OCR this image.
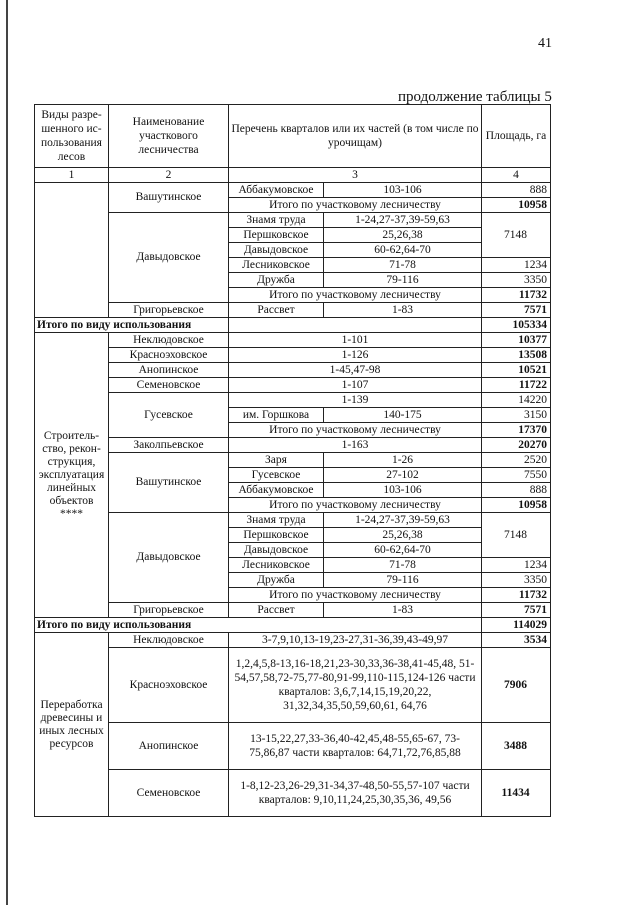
41
продолжение таблицы 5
Виды разре-шенного ис-пользования лесов	Наименование участкового лесничества	Перечень кварталов или их частей (в том числе по урочищам)		Площадь, га
1	2	3		4
	Вашутинское	Аббакумовское	103-106	888
		Итого по участковому лесничеству		10958
	Давыдовское	Знамя труда	1-24,27-37,39-59,63	7148
		Першковское	25,26,38	
		Давыдовское	60-62,64-70	
		Лесниковское	71-78	1234
		Дружба	79-116	3350
		Итого по участковому лесничеству		11732
	Григорьевское	Рассвет	1-83	7571
Итого по виду использования				105334
Строитель-ство, рекон-струкция, эксплуатация линейных объектов ****	Неклюдовское	1-101		10377
	Красноэховское	1-126		13508
	Анопинское	1-45,47-98		10521
	Семеновское	1-107		11722
	Гусевское	1-139		14220
		им. Горшкова	140-175	3150
		Итого по участковому лесничеству		17370
	Заколпьевское	1-163		20270
	Вашутинское	Заря	1-26	2520
		Гусевское	27-102	7550
		Аббакумовское	103-106	888
		Итого по участковому лесничеству		10958
	Давыдовское	Знамя труда	1-24,27-37,39-59,63	7148
		Першковское	25,26,38	
		Давыдовское	60-62,64-70	
		Лесниковское	71-78	1234
		Дружба	79-116	3350
		Итого по участковому лесничеству		11732
	Григорьевское	Рассвет	1-83	7571
Итого по виду использования				114029
Переработка древесины и иных лесных ресурсов	Неклюдовское	3-7,9,10,13-19,23-27,31-36,39,43-49,97		3534
	Красноэховское	1,2,4,5,8-13,16-18,21,23-30,33,36-38,41-45,48, 51-54,57,58,72-75,77-80,91-99,110-115,124-126 части кварталов: 3,6,7,14,15,19,20,22, 31,32,34,35,50,59,60,61, 64,76		7906
	Анопинское	13-15,22,27,33-36,40-42,45,48-55,65-67, 73-75,86,87 части кварталов: 64,71,72,76,85,88		3488
	Семеновское	1-8,12-23,26-29,31-34,37-48,50-55,57-107 части кварталов: 9,10,11,24,25,30,35,36, 49,56		11434
